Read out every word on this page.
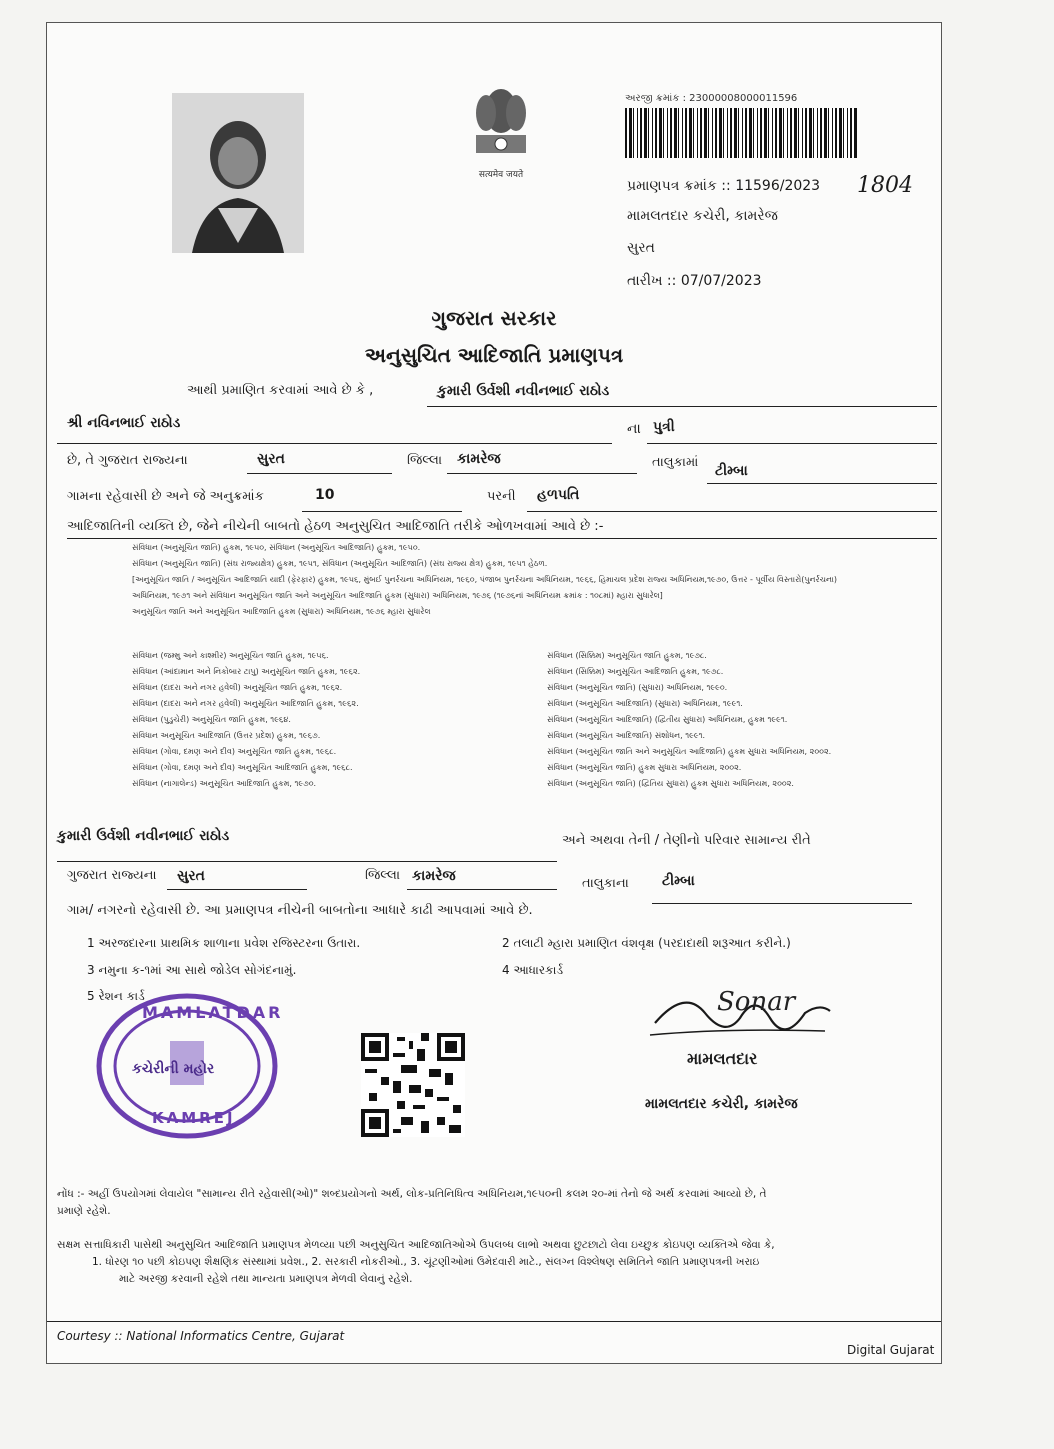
सत्यमेव जयते
અરજી ક્રમાંક : 23000008000011596
પ્રમાણપત્ર ક્રમાંક :: 11596/2023 1804
મામલતદાર કચેરી, કામરેજ
સુરત
તારીખ :: 07/07/2023
ગુજરાત સરકાર
અનુસુચિત આદિજાતિ પ્રમાણપત્ર
આથી પ્રમાણિત કરવામાં આવે છે કે ,	કુમારી ઉર્વશી નવીનભાઈ રાઠોડ
શ્રી નવિનભાઈ રાઠોડ	ના પુત્રી
છે, તે ગુજરાત રાજ્યના	સુરત	જિલ્લા કામરેજ	તાલુકામાં
ટીમ્બા
ગામના રહેવાસી છે અને જે અનુક્રમાંક	10	પરની હળપતિ
આદિજાતિની વ્યક્તિ છે, જેને નીચેની બાબતો હેઠળ અનુસુચિત આદિજાતિ તરીકે ઓળખવામાં આવે છે :-
સંવિધાન (અનુસૂચિત જાતિ) હુકમ, ૧૯૫૦, સંવિધાન (અનુસૂચિત આદિજાતિ) હુકમ, ૧૯૫૦.
સંવિધાન (અનુસૂચિત જાતિ) (સંઘ રાજ્યક્ષેત્ર) હુકમ, ૧૯૫૧, સંવિધાન (અનુસૂચિત આદિજાતિ) (સંઘ રાજ્ય ક્ષેત્ર) હુકમ, ૧૯૫૧ હેઠળ.
[અનુસૂચિત જાતિ / અનુસૂચિત આદિજાતિ યાદી (ફેરફાર) હુકમ, ૧૯૫૬, મુંબઈ પુનર્રચના અધિનિયમ, ૧૯૬૦, પંજાબ પુનર્રચના અધિનિયમ, ૧૯૬૬, હિમાચલ પ્રદેશ રાજ્ય અધિનિયમ,૧૯૭૦, ઉત્તર - પૂર્વીય વિસ્તારો(પુનર્રચના)
અધિનિયમ, ૧૯૭૧ અને સંવિધાન અનુસૂચિત જાતિ અને અનુસૂચિત આદિજાતિ હુકમ (સુધારા) અધિનિયમ, ૧૯૭૬ (૧૯૭૬નાં અધિનિયમ ક્રમાંક : ૧૦૮માં) મ્હારા સુધારેલ]
અનુસૂચિત જાતિ અને અનુસૂચિત આદિજાતિ હુકમ (સુધારા) અધિનિયમ, ૧૯૭૬ મ્હારા સુધારેલ
સંવિધાન (જમ્મુ અને કાશ્મીર) અનુસૂચિત જાતિ હુકમ, ૧૯૫૬.
સંવિધાન (આંદામાન અને નિકોબાર ટાપુ) અનુસૂચિત જાતિ હુકમ, ૧૯૬૨.
સંવિધાન (દાદરા અને નગર હવેલી) અનુસૂચિત જાતિ હુકમ, ૧૯૬૨.
સંવિધાન (દાદરા અને નગર હવેલી) અનુસૂચિત આદિજાતિ હુકમ, ૧૯૬૨.
સંવિધાન (પુડુચેરી) અનુસૂચિત જાતિ હુકમ, ૧૯૬૪.
સંવિધાન અનુસૂચિત આદિજાતિ (ઉત્તર પ્રદેશ) હુકમ, ૧૯૬૭.
સંવિધાન (ગોવા, દમણ અને દીવ) અનુસૂચિત જાતિ હુકમ, ૧૯૬૮.
સંવિધાન (ગોવા, દમણ અને દીવ) અનુસૂચિત આદિજાતિ હુકમ, ૧૯૬૮.
સંવિધાન (નાગાલેન્ડ) અનુસૂચિત આદિજાતિ હુકમ, ૧૯૭૦.
સંવિધાન (સિક્કિમ) અનુસૂચિત જાતિ હુકમ, ૧૯૭૮.
સંવિધાન (સિક્કિમ) અનુસૂચિત આદિજાતિ હુકમ, ૧૯૭૮.
સંવિધાન (અનુસૂચિત જાતિ) (સુધારા) અધિનિયમ, ૧૯૯૦.
સંવિધાન (અનુસૂચિત આદિજાતિ) (સુધારા) અધિનિયમ, ૧૯૯૧.
સંવિધાન (અનુસૂચિત આદિજાતિ) (દ્વિતીય સુધારા) અધિનિયમ, હુકમ ૧૯૯૧.
સંવિધાન (અનુસૂચિત આદિજાતિ) સંશોધન, ૧૯૯૧.
સંવિધાન (અનુસૂચિત જાતિ અને અનુસૂચિત આદિજાતિ) હુકમ સુધારા અધિનિયમ, ૨૦૦૨.
સંવિધાન (અનુસૂચિત જાતિ) હુકમ સુધારા અધિનિયમ, ૨૦૦૨.
સંવિધાન (અનુસૂચિત જાતિ) (દ્વિતિય સુધારા) હુકમ સુધારા અધિનિયમ, ૨૦૦૨.
કુમારી ઉર્વશી નવીનભાઈ રાઠોડ	અને અથવા તેની / તેણીનો પરિવાર સામાન્ય રીતે
ગુજરાત રાજ્યના સુરત	જિલ્લા કામરેજ	તાલુકાના ટીમ્બા
ગામ/ નગરનો રહેવાસી છે. આ પ્રમાણપત્ર નીચેની બાબતોના આધારે કાઢી આપવામાં આવે છે.
1 અરજદારના પ્રાથમિક શાળાના પ્રવેશ રજિસ્ટરના ઉતારા.	2 તલાટી મ્હારા પ્રમાણિત વંશવૃક્ષ (પરદાદાથી શરૂઆત કરીને.)
3 નમુના ક-૧માં આ સાથે જોડેલ સોગંદનામું.	4 આધારકાર્ડ
5 રેશન કાર્ડ
MAMLATDAR
કચેરીની મહોર
KAMREJ
Sonar
મામલતદાર
મામલતદાર કચેરી, કામરેજ
નોંધ :- અહીં ઉપયોગમાં લેવાયેલ "સામાન્ય રીતે રહેવાસી(ઓ)" શબ્દપ્રયોગનો અર્થ, લોક-પ્રતિનિધિત્વ અધિનિયમ,૧૯૫૦ની કલમ ૨૦-માં તેનો જે અર્થ કરવામાં આવ્યો છે, તે
પ્રમાણે રહેશે.
સક્ષમ સત્તાધિકારી પાસેથી અનુસુચિત આદિજાતિ પ્રમાણપત્ર મેળવ્યા પછી અનુસુચિત આદિજાતિઓએ ઉપલબ્ધ લાભો અથવા છુટછાટો લેવા ઇચ્છુક કોઇપણ વ્યક્તિએ જેવા કે,
1. ધોરણ ૧૦ પછી કોઇપણ શૈક્ષણિક સંસ્થામાં પ્રવેશ., 2. સરકારી નોકરીઓ., 3. ચૂંટણીઓમાં ઉમેદવારી માટે., સંલગ્ન વિશ્લેષણ સમિતિને જાતિ પ્રમાણપત્રની ખરાઇ
માટે અરજી કરવાની રહેશે તથા માન્યતા પ્રમાણપત્ર મેળવી લેવાનું રહેશે.
Courtesy :: National Informatics Centre, Gujarat
Digital Gujarat
